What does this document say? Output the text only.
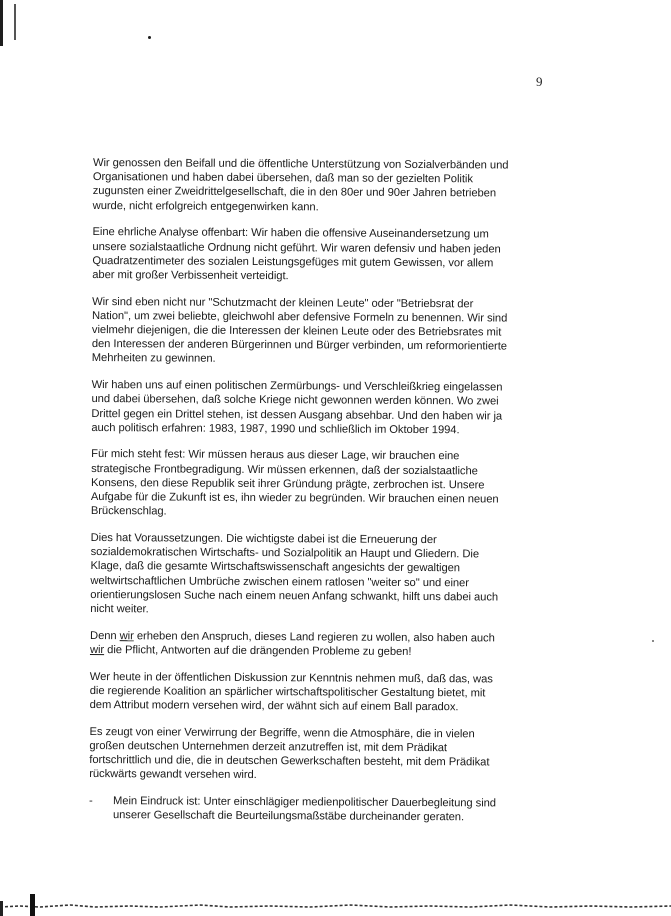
9

Wir genossen den Beifall und die öffentliche Unterstützung von Sozialverbänden und Organisationen und haben dabei übersehen, daß man so der gezielten Politik zugunsten einer Zweidrittelgesellschaft, die in den 80er und 90er Jahren betrieben wurde, nicht erfolgreich entgegenwirken kann.

Eine ehrliche Analyse offenbart: Wir haben die offensive Auseinandersetzung um unsere sozialstaatliche Ordnung nicht geführt. Wir waren defensiv und haben jeden Quadratzentimeter des sozialen Leistungsgefüges mit gutem Gewissen, vor allem aber mit großer Verbissenheit verteidigt.

Wir sind eben nicht nur "Schutzmacht der kleinen Leute" oder "Betriebsrat der Nation", um zwei beliebte, gleichwohl aber defensive Formeln zu benennen. Wir sind vielmehr diejenigen, die die Interessen der kleinen Leute oder des Betriebsrates mit den Interessen der anderen Bürgerinnen und Bürger verbinden, um reformorientierte Mehrheiten zu gewinnen.

Wir haben uns auf einen politischen Zermürbungs- und Verschleißkrieg eingelassen und dabei übersehen, daß solche Kriege nicht gewonnen werden können. Wo zwei Drittel gegen ein Drittel stehen, ist dessen Ausgang absehbar. Und den haben wir ja auch politisch erfahren: 1983, 1987, 1990 und schließlich im Oktober 1994.

Für mich steht fest: Wir müssen heraus aus dieser Lage, wir brauchen eine strategische Frontbegradigung. Wir müssen erkennen, daß der sozialstaatliche Konsens, den diese Republik seit ihrer Gründung prägte, zerbrochen ist. Unsere Aufgabe für die Zukunft ist es, ihn wieder zu begründen. Wir brauchen einen neuen Brückenschlag.

Dies hat Voraussetzungen. Die wichtigste dabei ist die Erneuerung der sozialdemokratischen Wirtschafts- und Sozialpolitik an Haupt und Gliedern. Die Klage, daß die gesamte Wirtschaftswissenschaft angesichts der gewaltigen weltwirtschaftlichen Umbrüche zwischen einem ratlosen "weiter so" und einer orientierungslosen Suche nach einem neuen Anfang schwankt, hilft uns dabei auch nicht weiter.

Denn wir erheben den Anspruch, dieses Land regieren zu wollen, also haben auch wir die Pflicht, Antworten auf die drängenden Probleme zu geben!

Wer heute in der öffentlichen Diskussion zur Kenntnis nehmen muß, daß das, was die regierende Koalition an spärlicher wirtschaftspolitischer Gestaltung bietet, mit dem Attribut modern versehen wird, der wähnt sich auf einem Ball paradox.

Es zeugt von einer Verwirrung der Begriffe, wenn die Atmosphäre, die in vielen großen deutschen Unternehmen derzeit anzutreffen ist, mit dem Prädikat fortschrittlich und die, die in deutschen Gewerkschaften besteht, mit dem Prädikat rückwärts gewandt versehen wird.

-	Mein Eindruck ist: Unter einschlägiger medienpolitischer Dauerbegleitung sind unserer Gesellschaft die Beurteilungsmaßstäbe durcheinander geraten.
